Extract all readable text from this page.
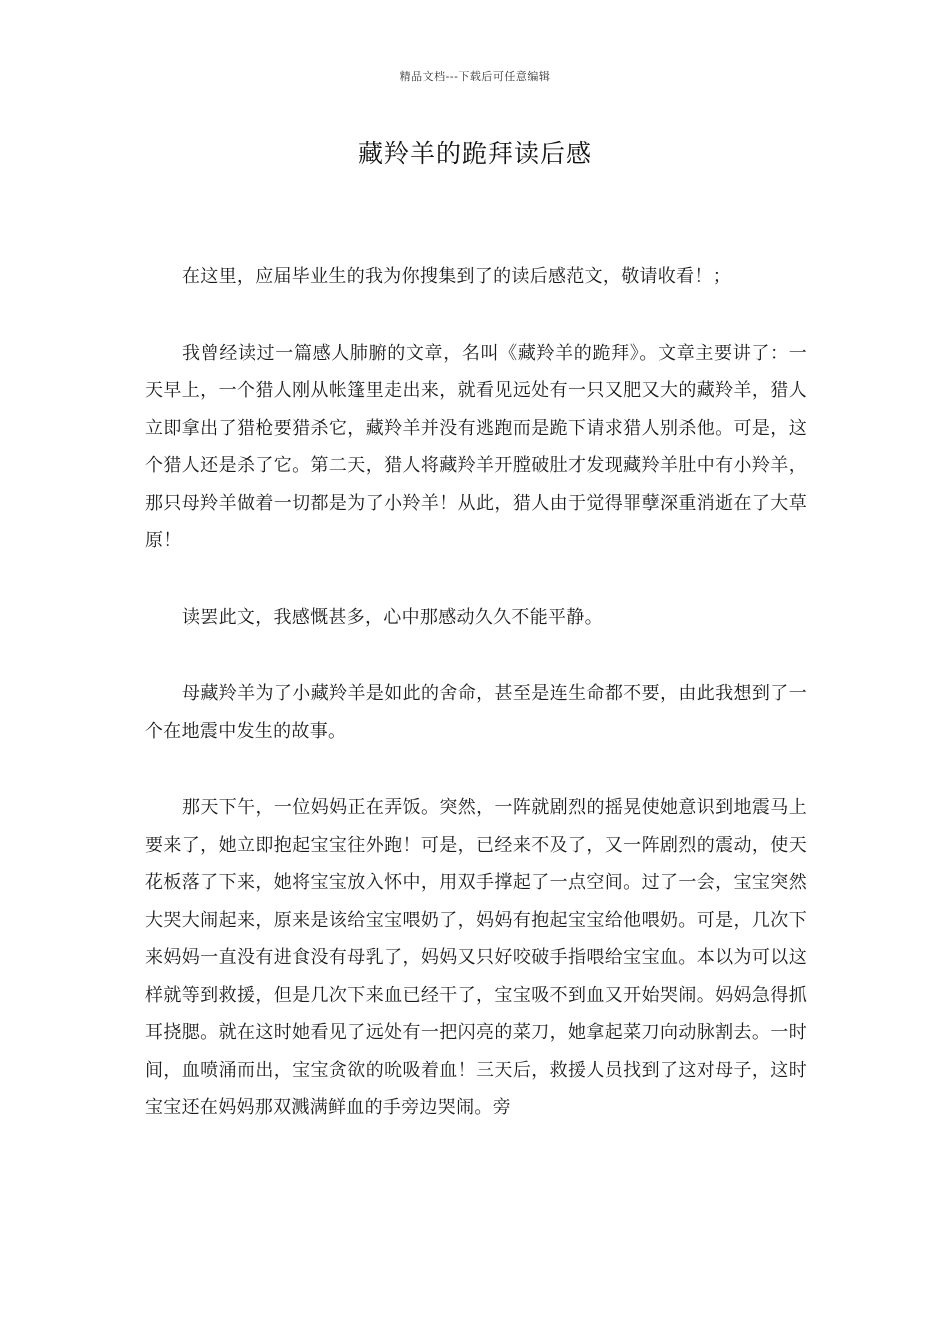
精品文档---下载后可任意编辑
藏羚羊的跪拜读后感

在这里，应届毕业生的我为你搜集到了的读后感范文，敬请收看！；

我曾经读过一篇感人肺腑的文章，名叫《藏羚羊的跪拜》。文章主要讲了：一天早上，一个猎人刚从帐篷里走出来，就看见远处有一只又肥又大的藏羚羊，猎人立即拿出了猎枪要猎杀它，藏羚羊并没有逃跑而是跪下请求猎人别杀他。可是，这个猎人还是杀了它。第二天，猎人将藏羚羊开膛破肚才发现藏羚羊肚中有小羚羊，那只母羚羊做着一切都是为了小羚羊！从此，猎人由于觉得罪孽深重消逝在了大草原！

读罢此文，我感慨甚多，心中那感动久久不能平静。

母藏羚羊为了小藏羚羊是如此的舍命，甚至是连生命都不要，由此我想到了一个在地震中发生的故事。

那天下午，一位妈妈正在弄饭。突然，一阵就剧烈的摇晃使她意识到地震马上要来了，她立即抱起宝宝往外跑！可是，已经来不及了，又一阵剧烈的震动，使天花板落了下来，她将宝宝放入怀中，用双手撑起了一点空间。过了一会，宝宝突然大哭大闹起来，原来是该给宝宝喂奶了，妈妈有抱起宝宝给他喂奶。可是，几次下来妈妈一直没有进食没有母乳了，妈妈又只好咬破手指喂给宝宝血。本以为可以这样就等到救援，但是几次下来血已经干了，宝宝吸不到血又开始哭闹。妈妈急得抓耳挠腮。就在这时她看见了远处有一把闪亮的菜刀，她拿起菜刀向动脉割去。一时间，血喷涌而出，宝宝贪欲的吮吸着血！三天后，救援人员找到了这对母子，这时宝宝还在妈妈那双溅满鲜血的手旁边哭闹。旁
